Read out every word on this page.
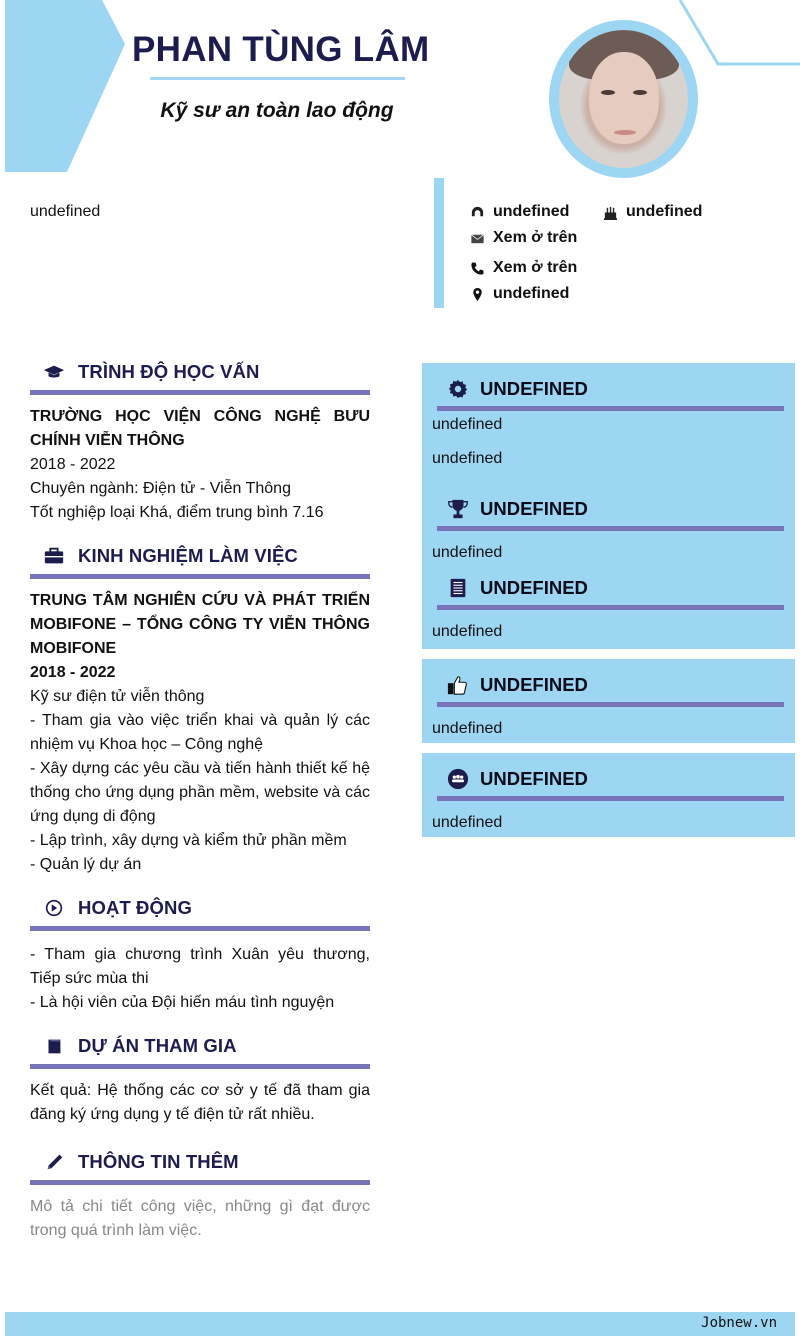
PHAN TÙNG LÂM
Kỹ sư an toàn lao động
undefined	undefined	undefined
Xem ở trên
Xem ở trên
undefined
TRÌNH ĐỘ HỌC VẤN

TRƯỜNG HỌC VIỆN CÔNG NGHỆ BƯU CHÍNH VIỄN THÔNG

2018 - 2022

Chuyên ngành: Điện tử - Viễn Thông

Tốt nghiệp loại Khá, điểm trung bình 7.16

KINH NGHIỆM LÀM VIỆC

TRUNG TÂM NGHIÊN CỨU VÀ PHÁT TRIỂN MOBIFONE – TỔNG CÔNG TY VIỄN THÔNG MOBIFONE

2018 - 2022

Kỹ sư điện tử viễn thông

- Tham gia vào việc triển khai và quản lý các nhiệm vụ Khoa học – Công nghệ

- Xây dựng các yêu cầu và tiến hành thiết kế hệ thống cho ứng dụng phần mềm, website và các ứng dụng di động

- Lập trình, xây dựng và kiểm thử phần mềm

- Quản lý dự án

HOẠT ĐỘNG

- Tham gia chương trình Xuân yêu thương, Tiếp sức mùa thi

- Là hội viên của Đội hiến máu tình nguyện

DỰ ÁN THAM GIA

Kết quả: Hệ thống các cơ sở y tế đã tham gia đăng ký ứng dụng y tế điện tử rất nhiều.

THÔNG TIN THÊM

Mô tả chi tiết công việc, những gì đạt được trong quá trình làm việc.

UNDEFINED
undefined
undefined
UNDEFINED
undefined
UNDEFINED
undefined
UNDEFINED
undefined
UNDEFINED
undefined
Jobnew.vn
